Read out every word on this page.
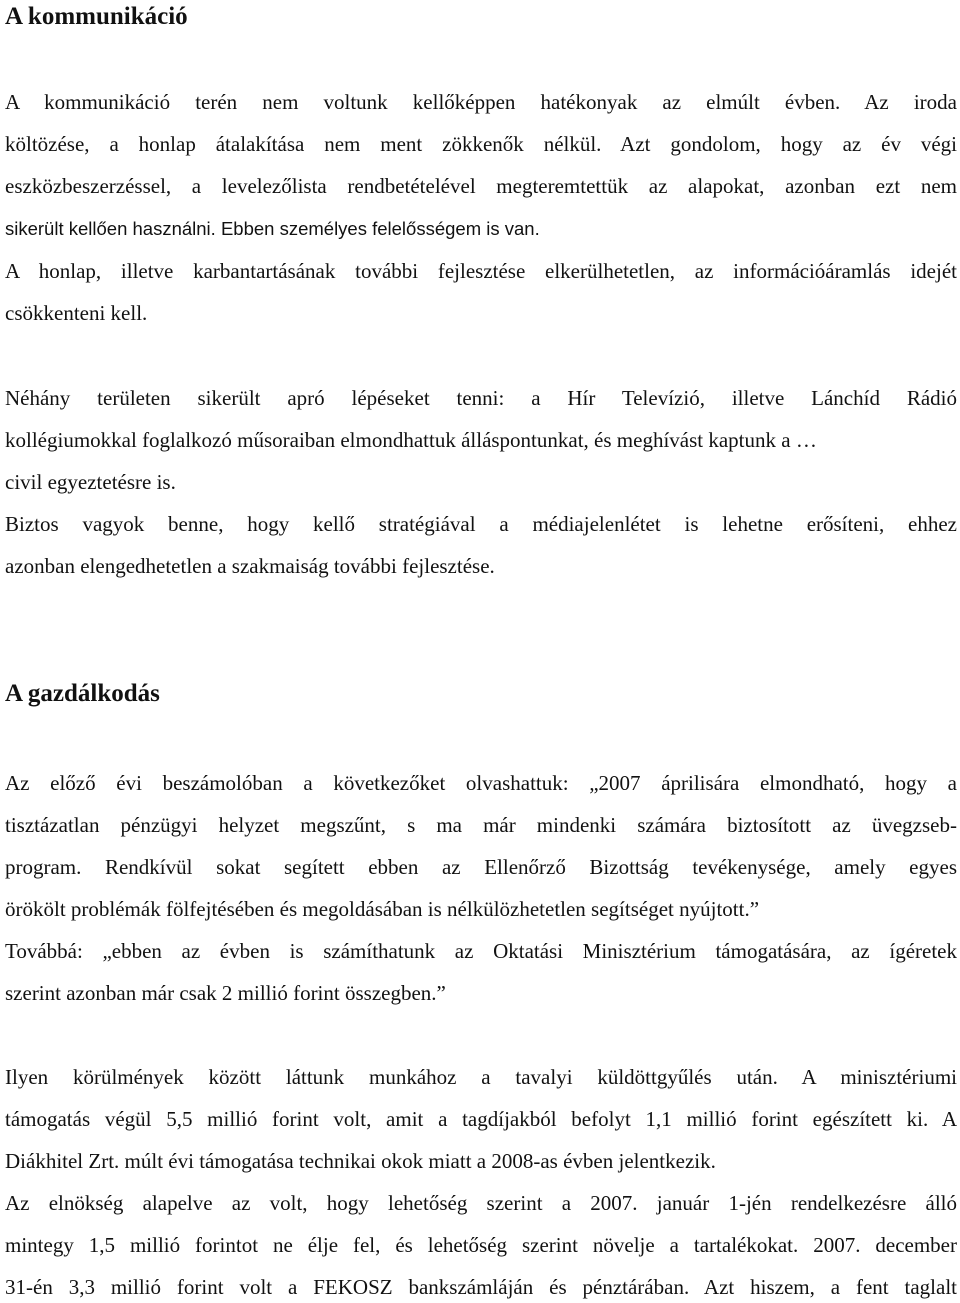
A kommunikáció
A kommunikáció terén nem voltunk kellőképpen hatékonyak az elmúlt évben. Az iroda
költözése, a honlap átalakítása nem ment zökkenők nélkül. Azt gondolom, hogy az év végi
eszközbeszerzéssel, a levelezőlista rendbetételével megteremtettük az alapokat, azonban ezt nem
sikerült kellően használni. Ebben személyes felelősségem is van.
A honlap, illetve karbantartásának további fejlesztése elkerülhetetlen, az információáramlás idejét
csökkenteni kell.
Néhány területen sikerült apró lépéseket tenni: a Hír Televízió, illetve Lánchíd Rádió
kollégiumokkal foglalkozó műsoraiban elmondhattuk álláspontunkat, és meghívást kaptunk a …
civil egyeztetésre is.
Biztos vagyok benne, hogy kellő stratégiával a médiajelenlétet is lehetne erősíteni, ehhez
azonban elengedhetetlen a szakmaiság további fejlesztése.
A gazdálkodás
Az előző évi beszámolóban a következőket olvashattuk: „2007 áprilisára elmondható, hogy a
tisztázatlan pénzügyi helyzet megszűnt, s ma már mindenki számára biztosított az üvegzseb-
program. Rendkívül sokat segített ebben az Ellenőrző Bizottság tevékenysége, amely egyes
örökölt problémák fölfejtésében és megoldásában is nélkülözhetetlen segítséget nyújtott.”
Továbbá: „ebben az évben is számíthatunk az Oktatási Minisztérium támogatására, az ígéretek
szerint azonban már csak 2 millió forint összegben.”
Ilyen körülmények között láttunk munkához a tavalyi küldöttgyűlés után. A minisztériumi
támogatás végül 5,5 millió forint volt, amit a tagdíjakból befolyt 1,1 millió forint egészített ki. A
Diákhitel Zrt. múlt évi támogatása technikai okok miatt a 2008-as évben jelentkezik.
Az elnökség alapelve az volt, hogy lehetőség szerint a 2007. január 1-jén rendelkezésre álló
mintegy 1,5 millió forintot ne élje fel, és lehetőség szerint növelje a tartalékokat. 2007. december
31-én 3,3 millió forint volt a FEKOSZ bankszámláján és pénztárában. Azt hiszem, a fent taglalt
